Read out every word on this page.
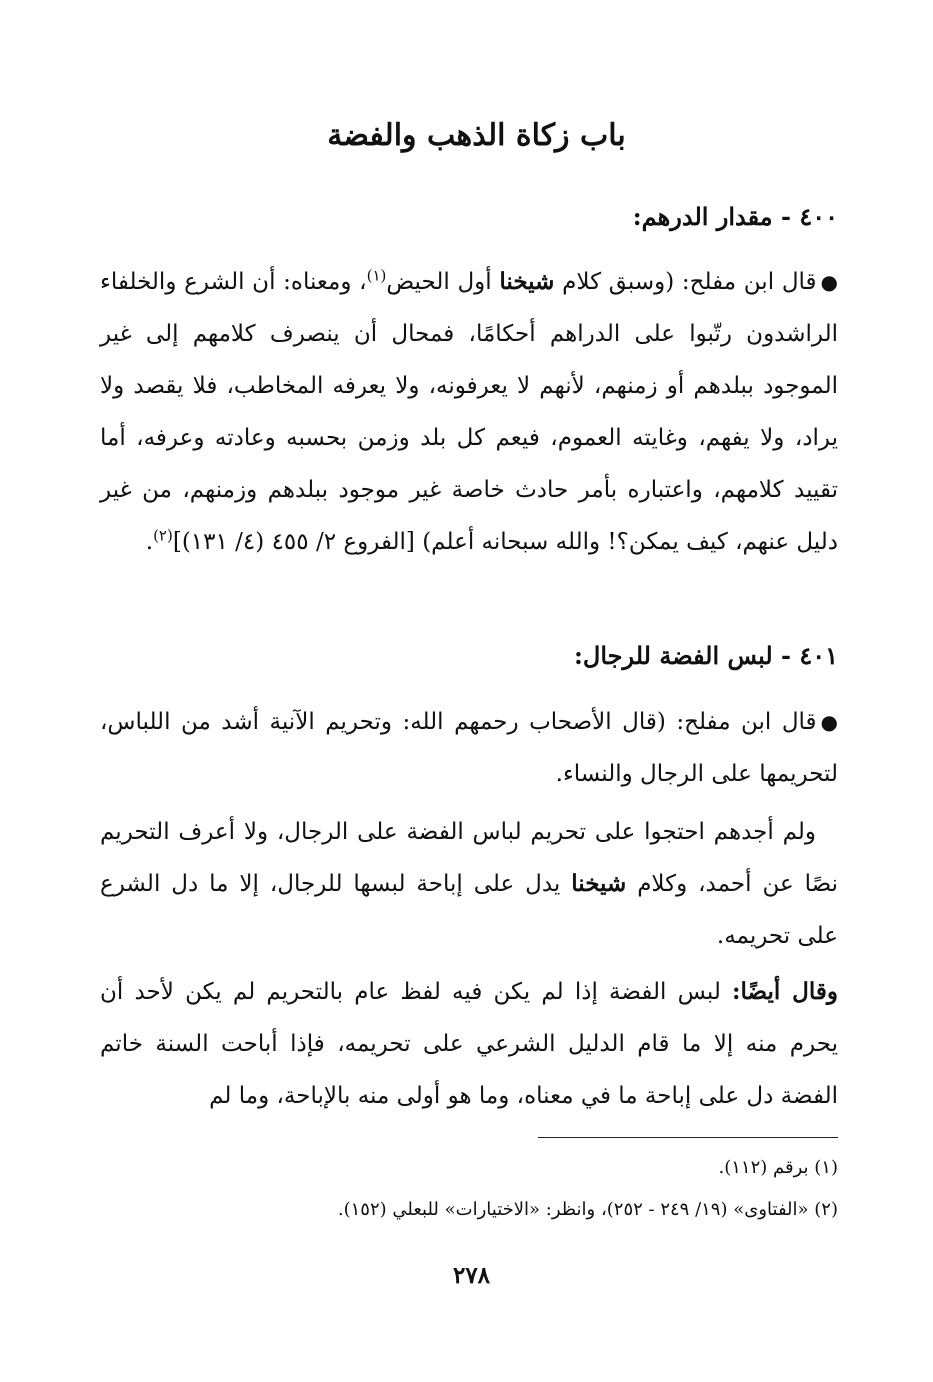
باب زكاة الذهب والفضة
٤٠٠ - مقدار الدرهم:

●قال ابن مفلح: (وسبق كلام شيخنا أول الحيض$^{(١)}$، ومعناه: أن الشرع والخلفاء الراشدون رتّبوا على الدراهم أحكامًا، فمحال أن ينصرف كلامهم إلى غير الموجود ببلدهم أو زمنهم، لأنهم لا يعرفونه، ولا يعرفه المخاطب، فلا يقصد ولا يراد، ولا يفهم، وغايته العموم، فيعم كل بلد وزمن بحسبه وعادته وعرفه، أما تقييد كلامهم، واعتباره بأمر حادث خاصة غير موجود ببلدهم وزمنهم، من غير دليل عنهم، كيف يمكن؟! والله سبحانه أعلم) [الفروع ٢/ ٤٥٥ (٤/ ١٣١)]$^{(٢)}$.

٤٠١ - لبس الفضة للرجال:

●قال ابن مفلح: (قال الأصحاب رحمهم الله: وتحريم الآنية أشد من اللباس، لتحريمها على الرجال والنساء.

ولم أجدهم احتجوا على تحريم لباس الفضة على الرجال، ولا أعرف التحريم نصًا عن أحمد، وكلام شيخنا يدل على إباحة لبسها للرجال، إلا ما دل الشرع على تحريمه.

وقال أيضًا: لبس الفضة إذا لم يكن فيه لفظ عام بالتحريم لم يكن لأحد أن يحرم منه إلا ما قام الدليل الشرعي على تحريمه، فإذا أباحت السنة خاتم الفضة دل على إباحة ما في معناه، وما هو أولى منه بالإباحة، وما لم

(١) برقم (١١٢).
(٢) «الفتاوى» (١٩/ ٢٤٩ - ٢٥٢)، وانظر: «الاختيارات» للبعلي (١٥٢).
٢٧٨
